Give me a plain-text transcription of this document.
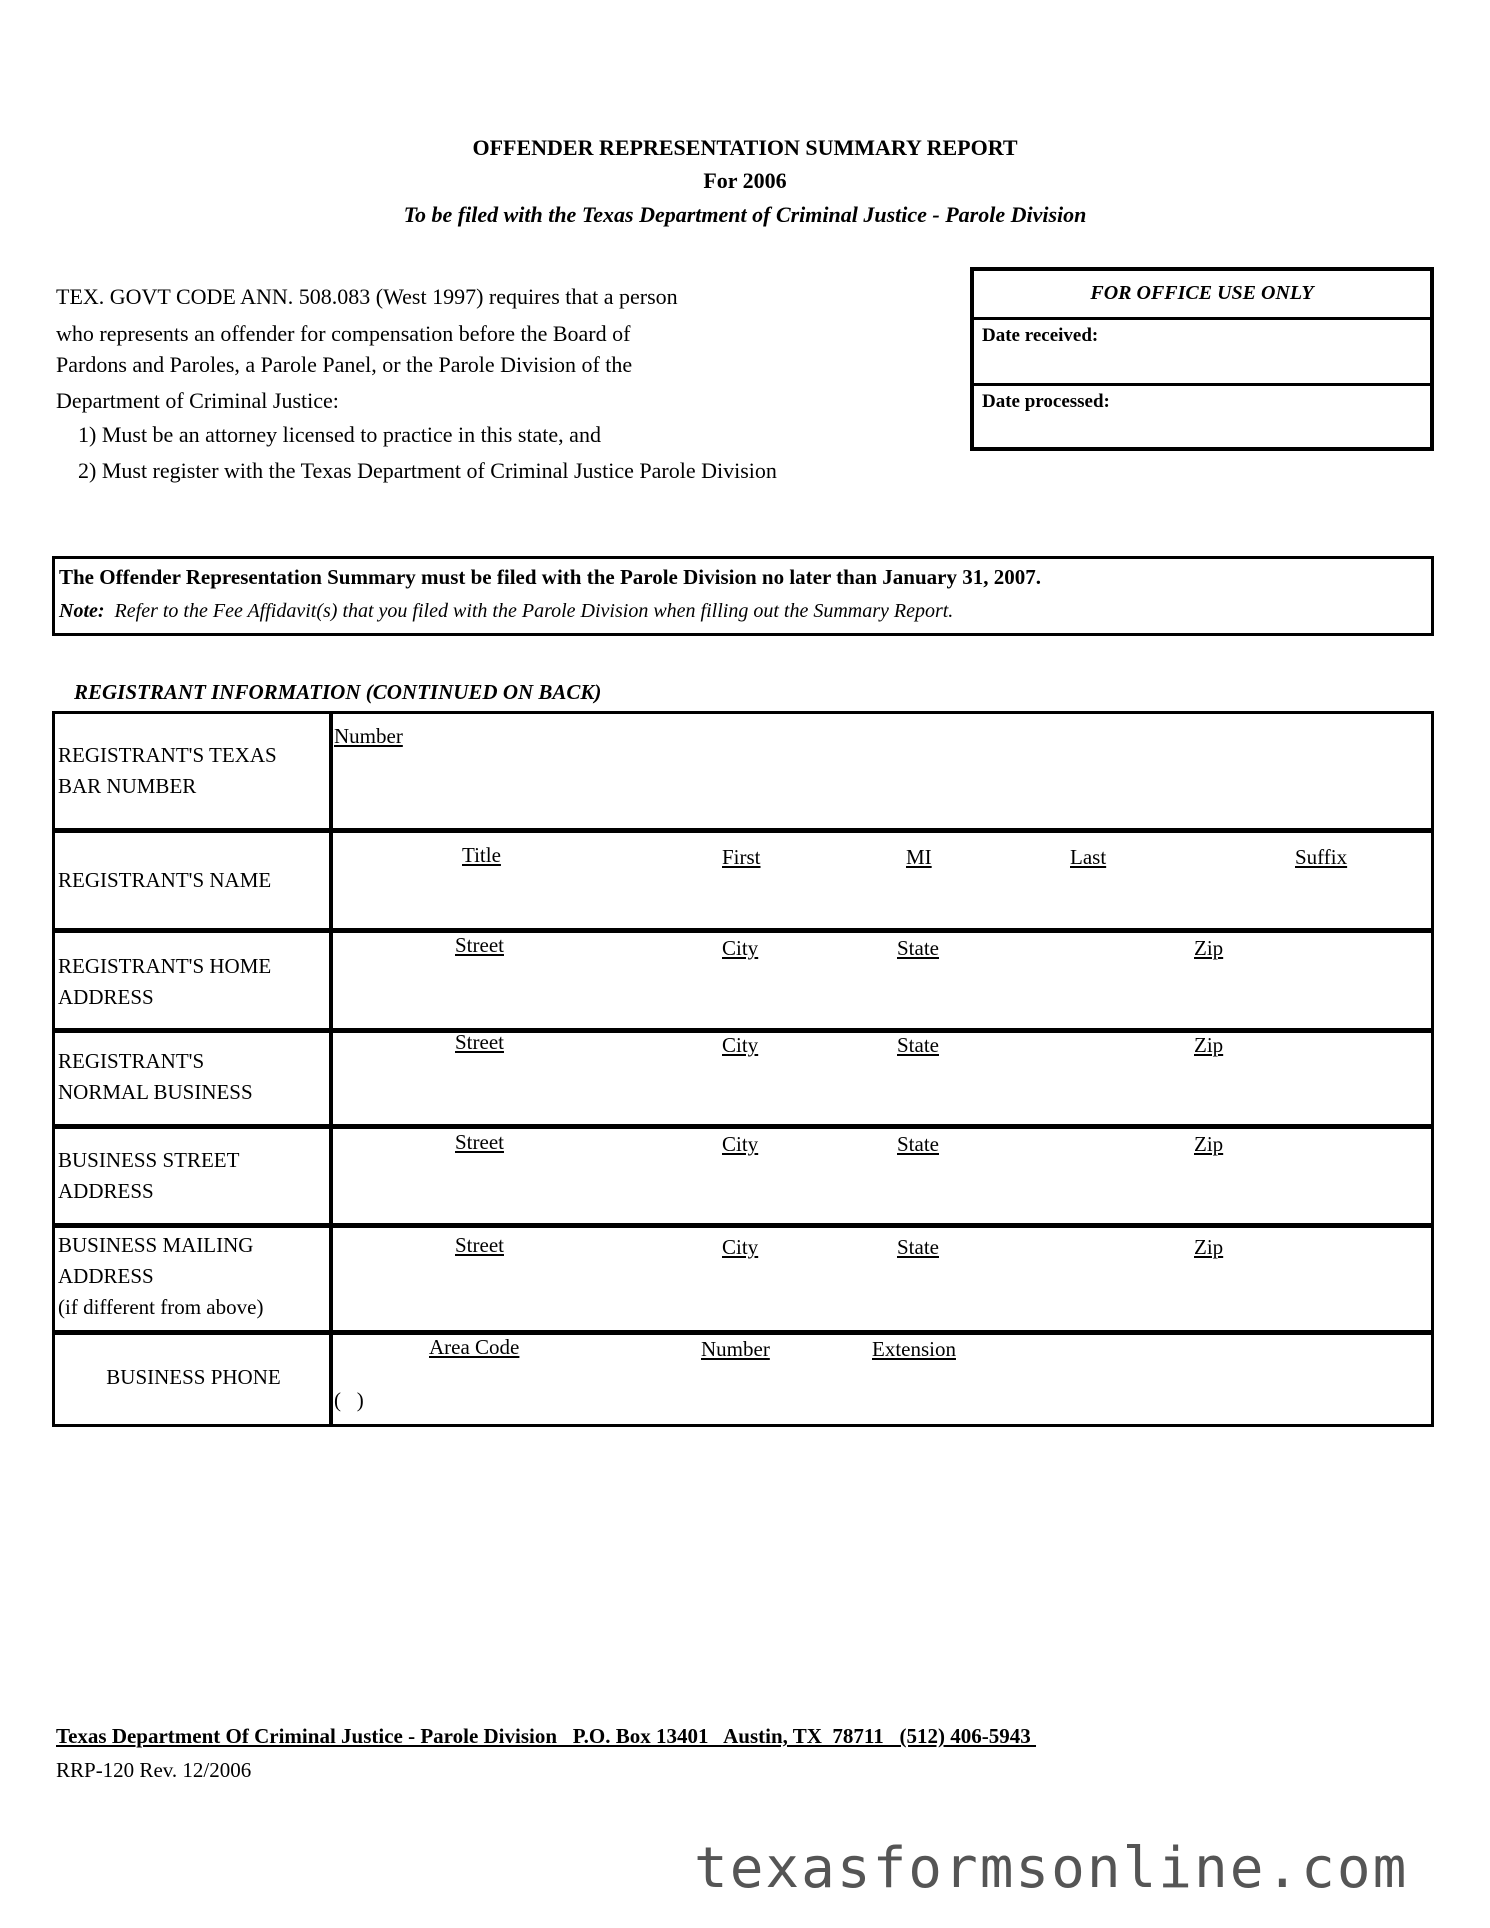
OFFENDER REPRESENTATION SUMMARY REPORT
For 2006
To be filed with the Texas Department of Criminal Justice - Parole Division
TEX. GOVT CODE ANN. 508.083 (West 1997) requires that a person
who represents an offender for compensation before the Board of
Pardons and Paroles, a Parole Panel, or the Parole Division of the
Department of Criminal Justice:
1) Must be an attorney licensed to practice in this state, and
2) Must register with the Texas Department of Criminal Justice Parole Division
FOR OFFICE USE ONLY
Date received:
Date processed:
The Offender Representation Summary must be filed with the Parole Division no later than January 31, 2007.
Note: Refer to the Fee Affidavit(s) that you filed with the Parole Division when filling out the Summary Report.
REGISTRANT INFORMATION (CONTINUED ON BACK)
REGISTRANT'S TEXAS
BAR NUMBER
Number
REGISTRANT'S NAME
Title	First	MI	Last	Suffix
REGISTRANT'S HOME
ADDRESS
Street	City	State	Zip
REGISTRANT'S
NORMAL BUSINESS
Street	City	State	Zip
BUSINESS STREET
ADDRESS
Street	City	State	Zip
BUSINESS MAILING
ADDRESS
(if different from above)
Street	City	State	Zip
BUSINESS PHONE
Area Code	Number	Extension
(   )
Texas Department Of Criminal Justice - Parole Division   P.O. Box 13401   Austin, TX  78711   (512) 406-5943
RRP-120 Rev. 12/2006
texasformsonline.com
